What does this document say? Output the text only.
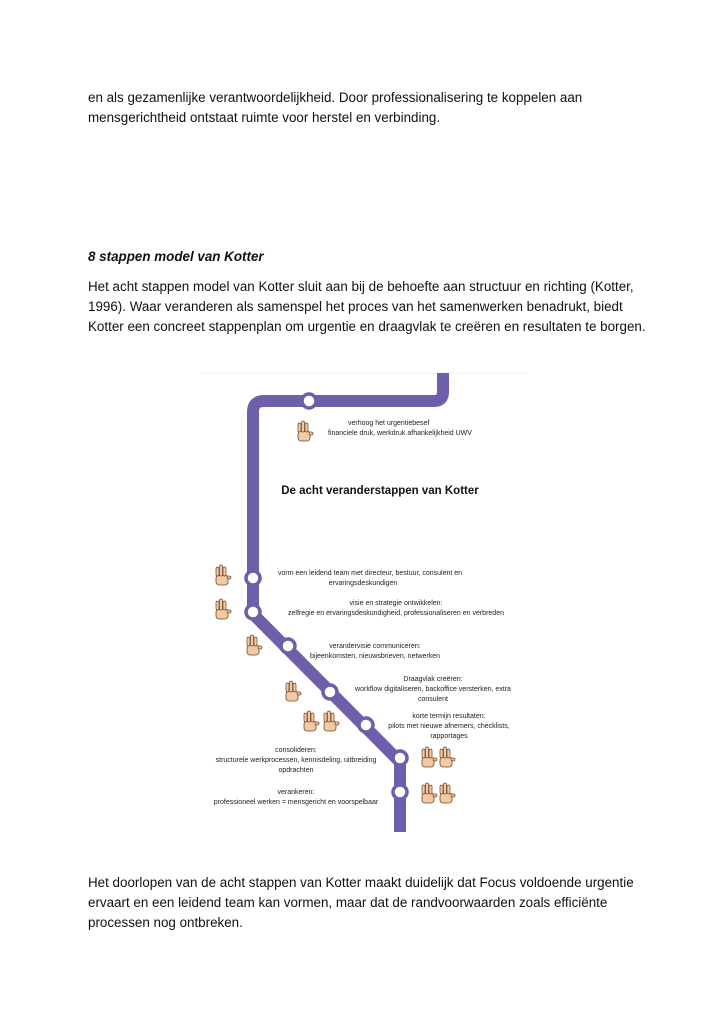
en als gezamenlijke verantwoordelijkheid. Door professionalisering te koppelen aan
mensgerichtheid ontstaat ruimte voor herstel en verbinding.

8 stappen model van Kotter

Het acht stappen model van Kotter sluit aan bij de behoefte aan structuur en richting (Kotter,
1996). Waar veranderen als samenspel het proces van het samenwerken benadrukt, biedt
Kotter een concreet stappenplan om urgentie en draagvlak te creëren en resultaten te borgen.

De acht veranderstappen van Kotter
verhoog het urgentiebesef
financiele druk, werkdruk afhankelijkheid UWV
vorm een leidend team met directeur, bestuur, consulent en
ervaringsdeskundigen
visie en strategie ontwikkelen:
zelfregie en ervaringsdeskundigheid, professionaliseren en verbreden
verandervisie communiceren:
bijeenkomsten, nieuwsbrieven, netwerken
Draagvlak creëren:
workflow digitaliseren, backoffice versterken, extra
consulent
korte termijn resultaten:
pilots met nieuwe afnemers, checklists,
rapportages
consolideren:
structurele werkprocessen, kennisdeling, uitbreiding
opdrachten
verankeren:
professioneel werken = mensgericht en voorspelbaar

Het doorlopen van de acht stappen van Kotter maakt duidelijk dat Focus voldoende urgentie
ervaart en een leidend team kan vormen, maar dat de randvoorwaarden zoals efficiënte
processen nog ontbreken.
